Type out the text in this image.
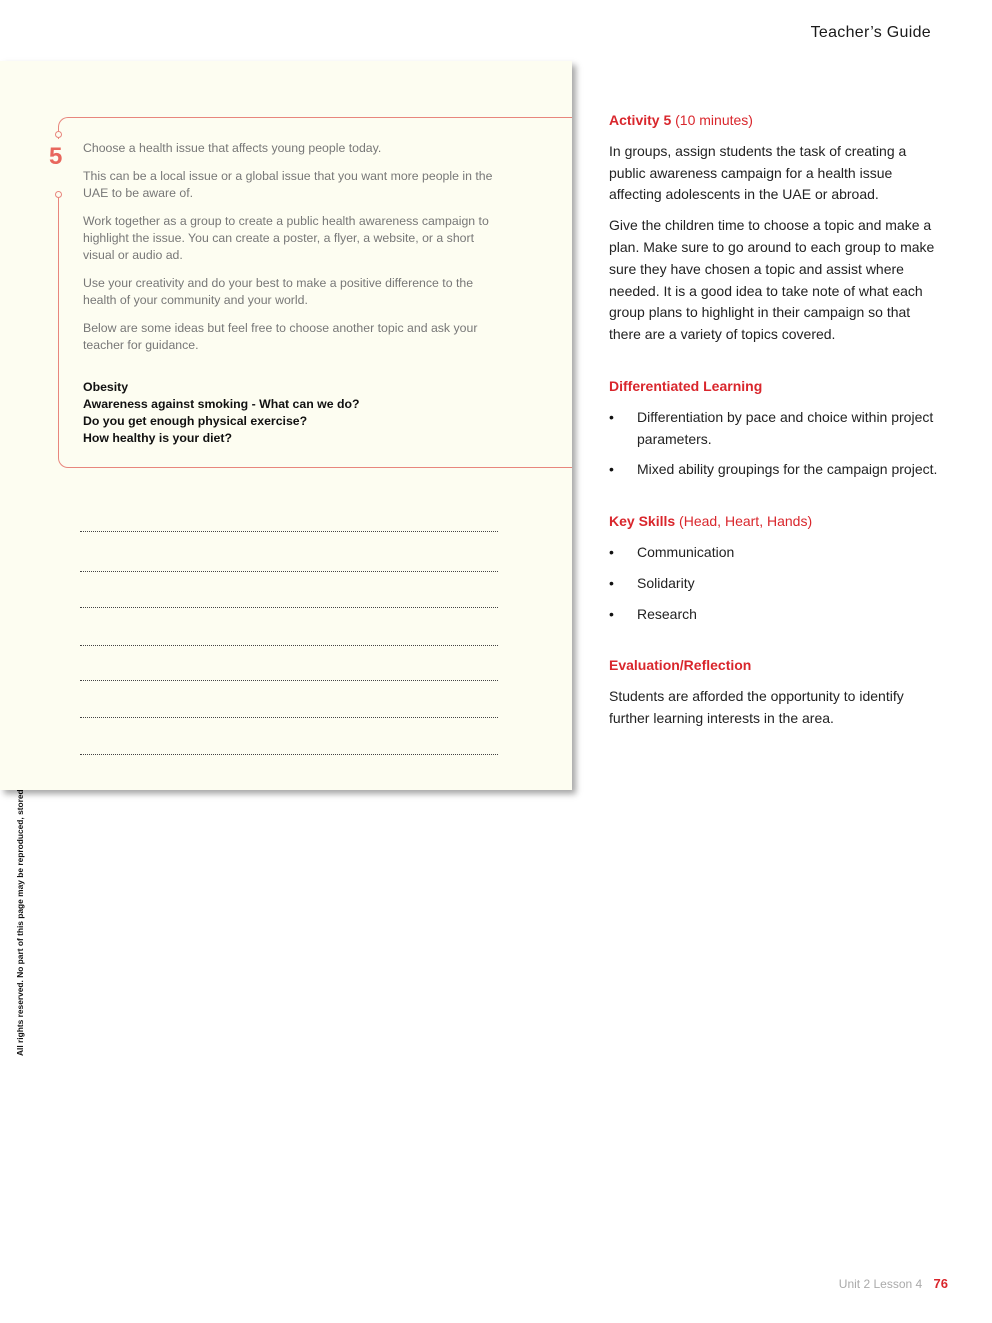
Teacher’s Guide
5 Choose a health issue that affects young people today.

This can be a local issue or a global issue that you want more people in the UAE to be aware of.

Work together as a group to create a public health awareness campaign to highlight the issue. You can create a poster, a flyer, a website, or a short visual or audio ad.

Use your creativity and do your best to make a positive difference to the health of your community and your world.

Below are some ideas but feel free to choose another topic and ask your teacher for guidance.

Obesity
Awareness against smoking - What can we do?
Do you get enough physical exercise?
How healthy is your diet?
Activity 5 (10 minutes)

In groups, assign students the task of creating a public awareness campaign for a health issue affecting adolescents in the UAE or abroad.

Give the children time to choose a topic and make a plan. Make sure to go around to each group to make sure they have chosen a topic and assist where needed. It is a good idea to take note of what each group plans to highlight in their campaign so that there are a variety of topics covered.

Differentiated Learning
• Differentiation by pace and choice within project parameters.
• Mixed ability groupings for the campaign project.
Key Skills (Head, Heart, Hands)
• Communication
• Solidarity
• Research
Evaluation/Reflection

Students are afforded the opportunity to identify further learning interests in the area.

Unit 2 Lesson 4 76
